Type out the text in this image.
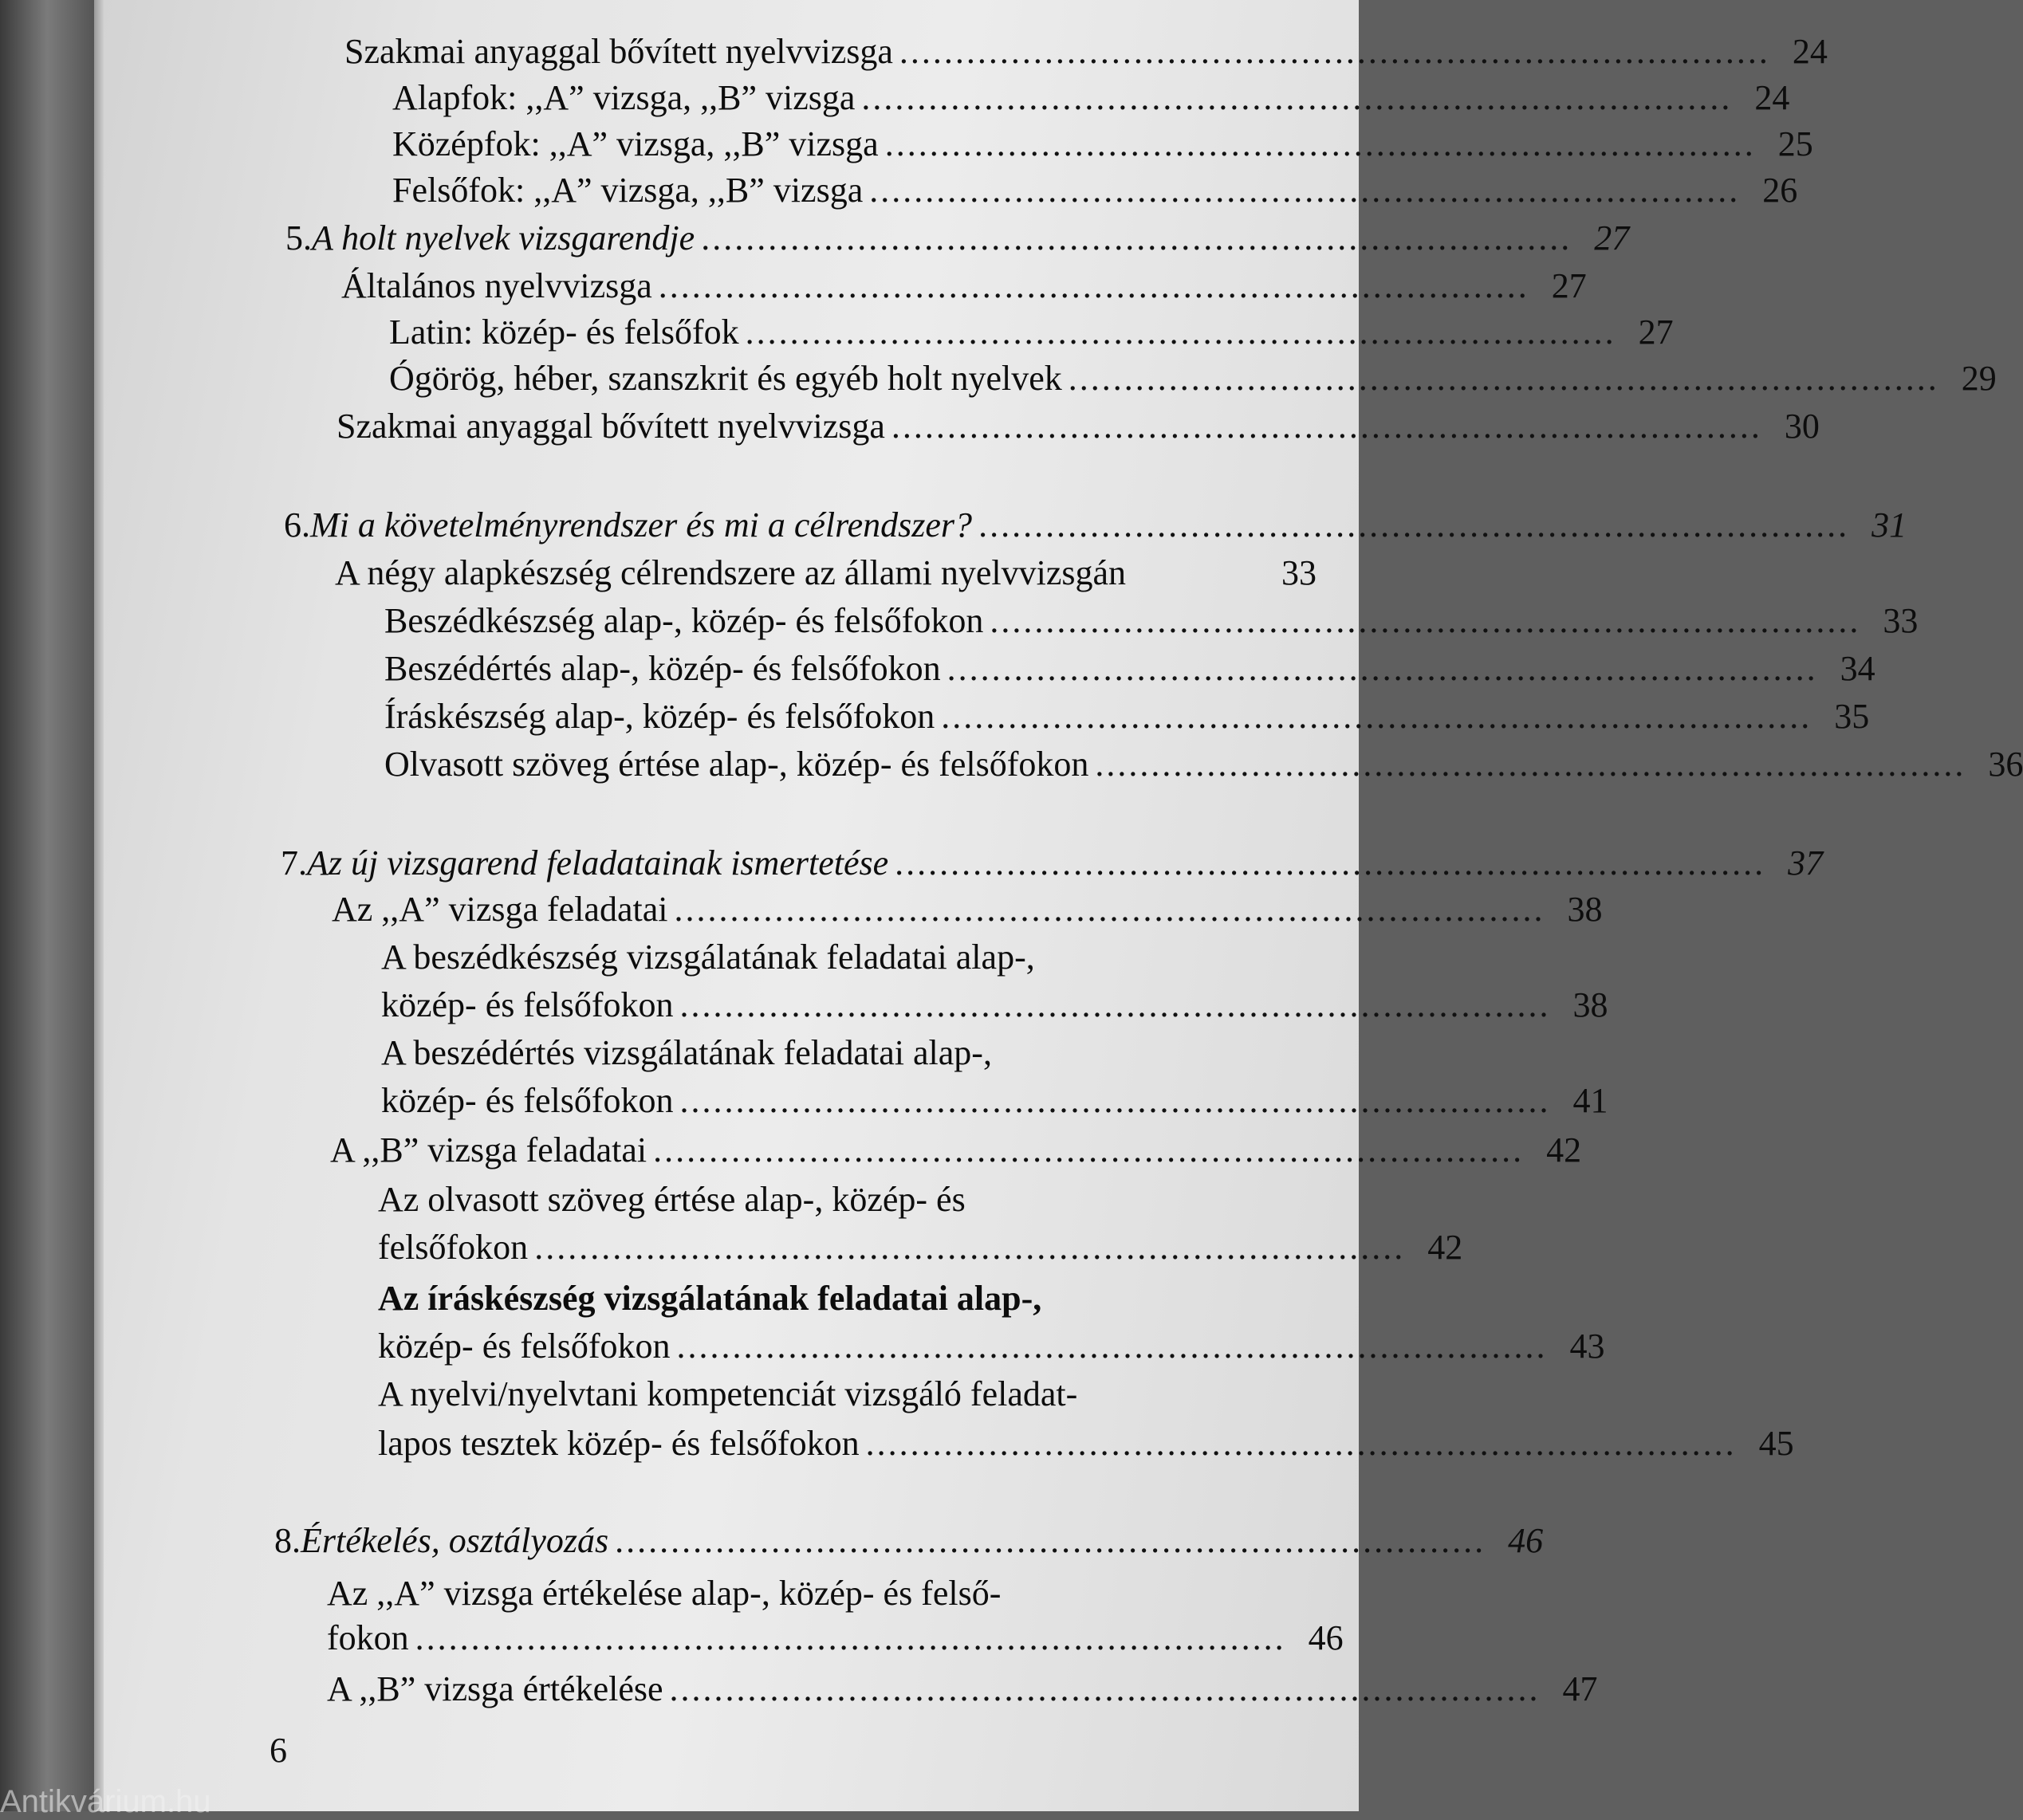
Szakmai anyaggal bővített nyelvvizsga .............................................................................. 24
Alapfok: ,,A” vizsga, ,,B” vizsga .............................................................................. 24
Középfok: ,,A” vizsga, ,,B” vizsga .............................................................................. 25
Felsőfok: ,,A” vizsga, ,,B” vizsga .............................................................................. 26
5. A holt nyelvek vizsgarendje .............................................................................. 27
Általános nyelvvizsga .............................................................................. 27
Latin: közép- és felsőfok .............................................................................. 27
Ógörög, héber, szanszkrit és egyéb holt nyelvek .............................................................................. 29
Szakmai anyaggal bővített nyelvvizsga .............................................................................. 30
6. Mi a követelményrendszer és mi a célrendszer? .............................................................................. 31
A négy alapkészség célrendszere az állami nyelvvizsgán	33
Beszédkészség alap-, közép- és felsőfokon .............................................................................. 33
Beszédértés alap-, közép- és felsőfokon .............................................................................. 34
Íráskészség alap-, közép- és felsőfokon .............................................................................. 35
Olvasott szöveg értése alap-, közép- és felsőfokon .............................................................................. 36
7. Az új vizsgarend feladatainak ismertetése .............................................................................. 37
Az ,,A” vizsga feladatai .............................................................................. 38
A beszédkészség vizsgálatának feladatai alap-,
közép- és felsőfokon .............................................................................. 38
A beszédértés vizsgálatának feladatai alap-,
közép- és felsőfokon .............................................................................. 41
A ,,B” vizsga feladatai .............................................................................. 42
Az olvasott szöveg értése alap-, közép- és
felsőfokon .............................................................................. 42
Az íráskészség vizsgálatának feladatai alap-,
közép- és felsőfokon .............................................................................. 43
A nyelvi/nyelvtani kompetenciát vizsgáló feladat-
lapos tesztek közép- és felsőfokon .............................................................................. 45
8. Értékelés, osztályozás .............................................................................. 46
Az ,,A” vizsga értékelése alap-, közép- és felső-
fokon .............................................................................. 46
A ,,B” vizsga értékelése .............................................................................. 47
6
Antikvárium.hu
